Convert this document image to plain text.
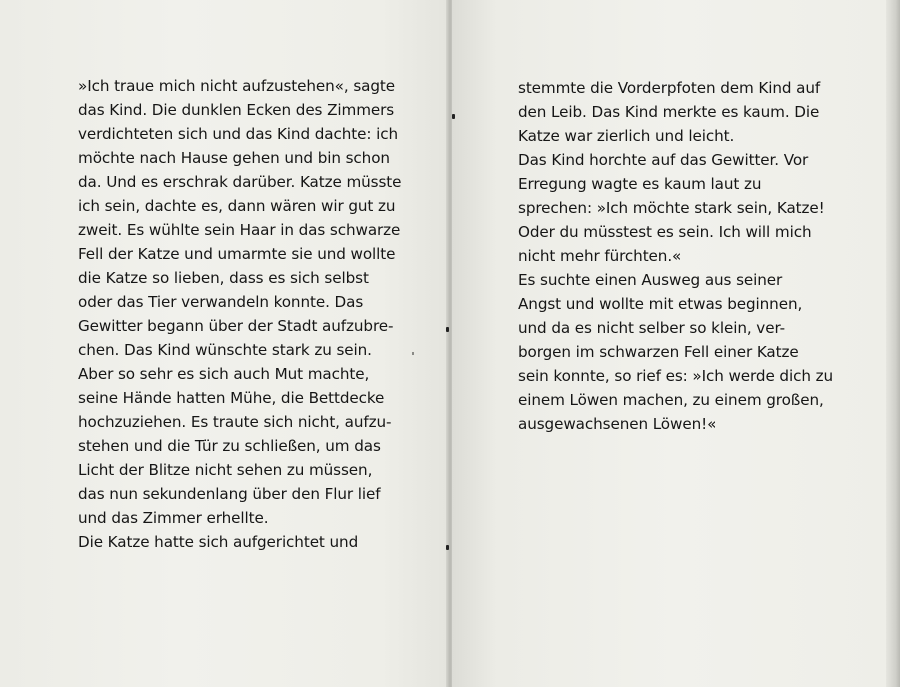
»Ich traue mich nicht aufzustehen«, sagte
das Kind. Die dunklen Ecken des Zimmers
verdichteten sich und das Kind dachte: ich
möchte nach Hause gehen und bin schon
da. Und es erschrak darüber. Katze müsste
ich sein, dachte es, dann wären wir gut zu
zweit. Es wühlte sein Haar in das schwarze
Fell der Katze und umarmte sie und wollte
die Katze so lieben, dass es sich selbst
oder das Tier verwandeln konnte. Das
Gewitter begann über der Stadt aufzubre-
chen. Das Kind wünschte stark zu sein.
Aber so sehr es sich auch Mut machte,
seine Hände hatten Mühe, die Bettdecke
hochzuziehen. Es traute sich nicht, aufzu-
stehen und die Tür zu schließen, um das
Licht der Blitze nicht sehen zu müssen,
das nun sekundenlang über den Flur lief
und das Zimmer erhellte.
Die Katze hatte sich aufgerichtet und
stemmte die Vorderpfoten dem Kind auf
den Leib. Das Kind merkte es kaum. Die
Katze war zierlich und leicht.
Das Kind horchte auf das Gewitter. Vor
Erregung wagte es kaum laut zu
sprechen: »Ich möchte stark sein, Katze!
Oder du müsstest es sein. Ich will mich
nicht mehr fürchten.«
Es suchte einen Ausweg aus seiner
Angst und wollte mit etwas beginnen,
und da es nicht selber so klein, ver-
borgen im schwarzen Fell einer Katze
sein konnte, so rief es: »Ich werde dich zu
einem Löwen machen, zu einem großen,
ausgewachsenen Löwen!«
